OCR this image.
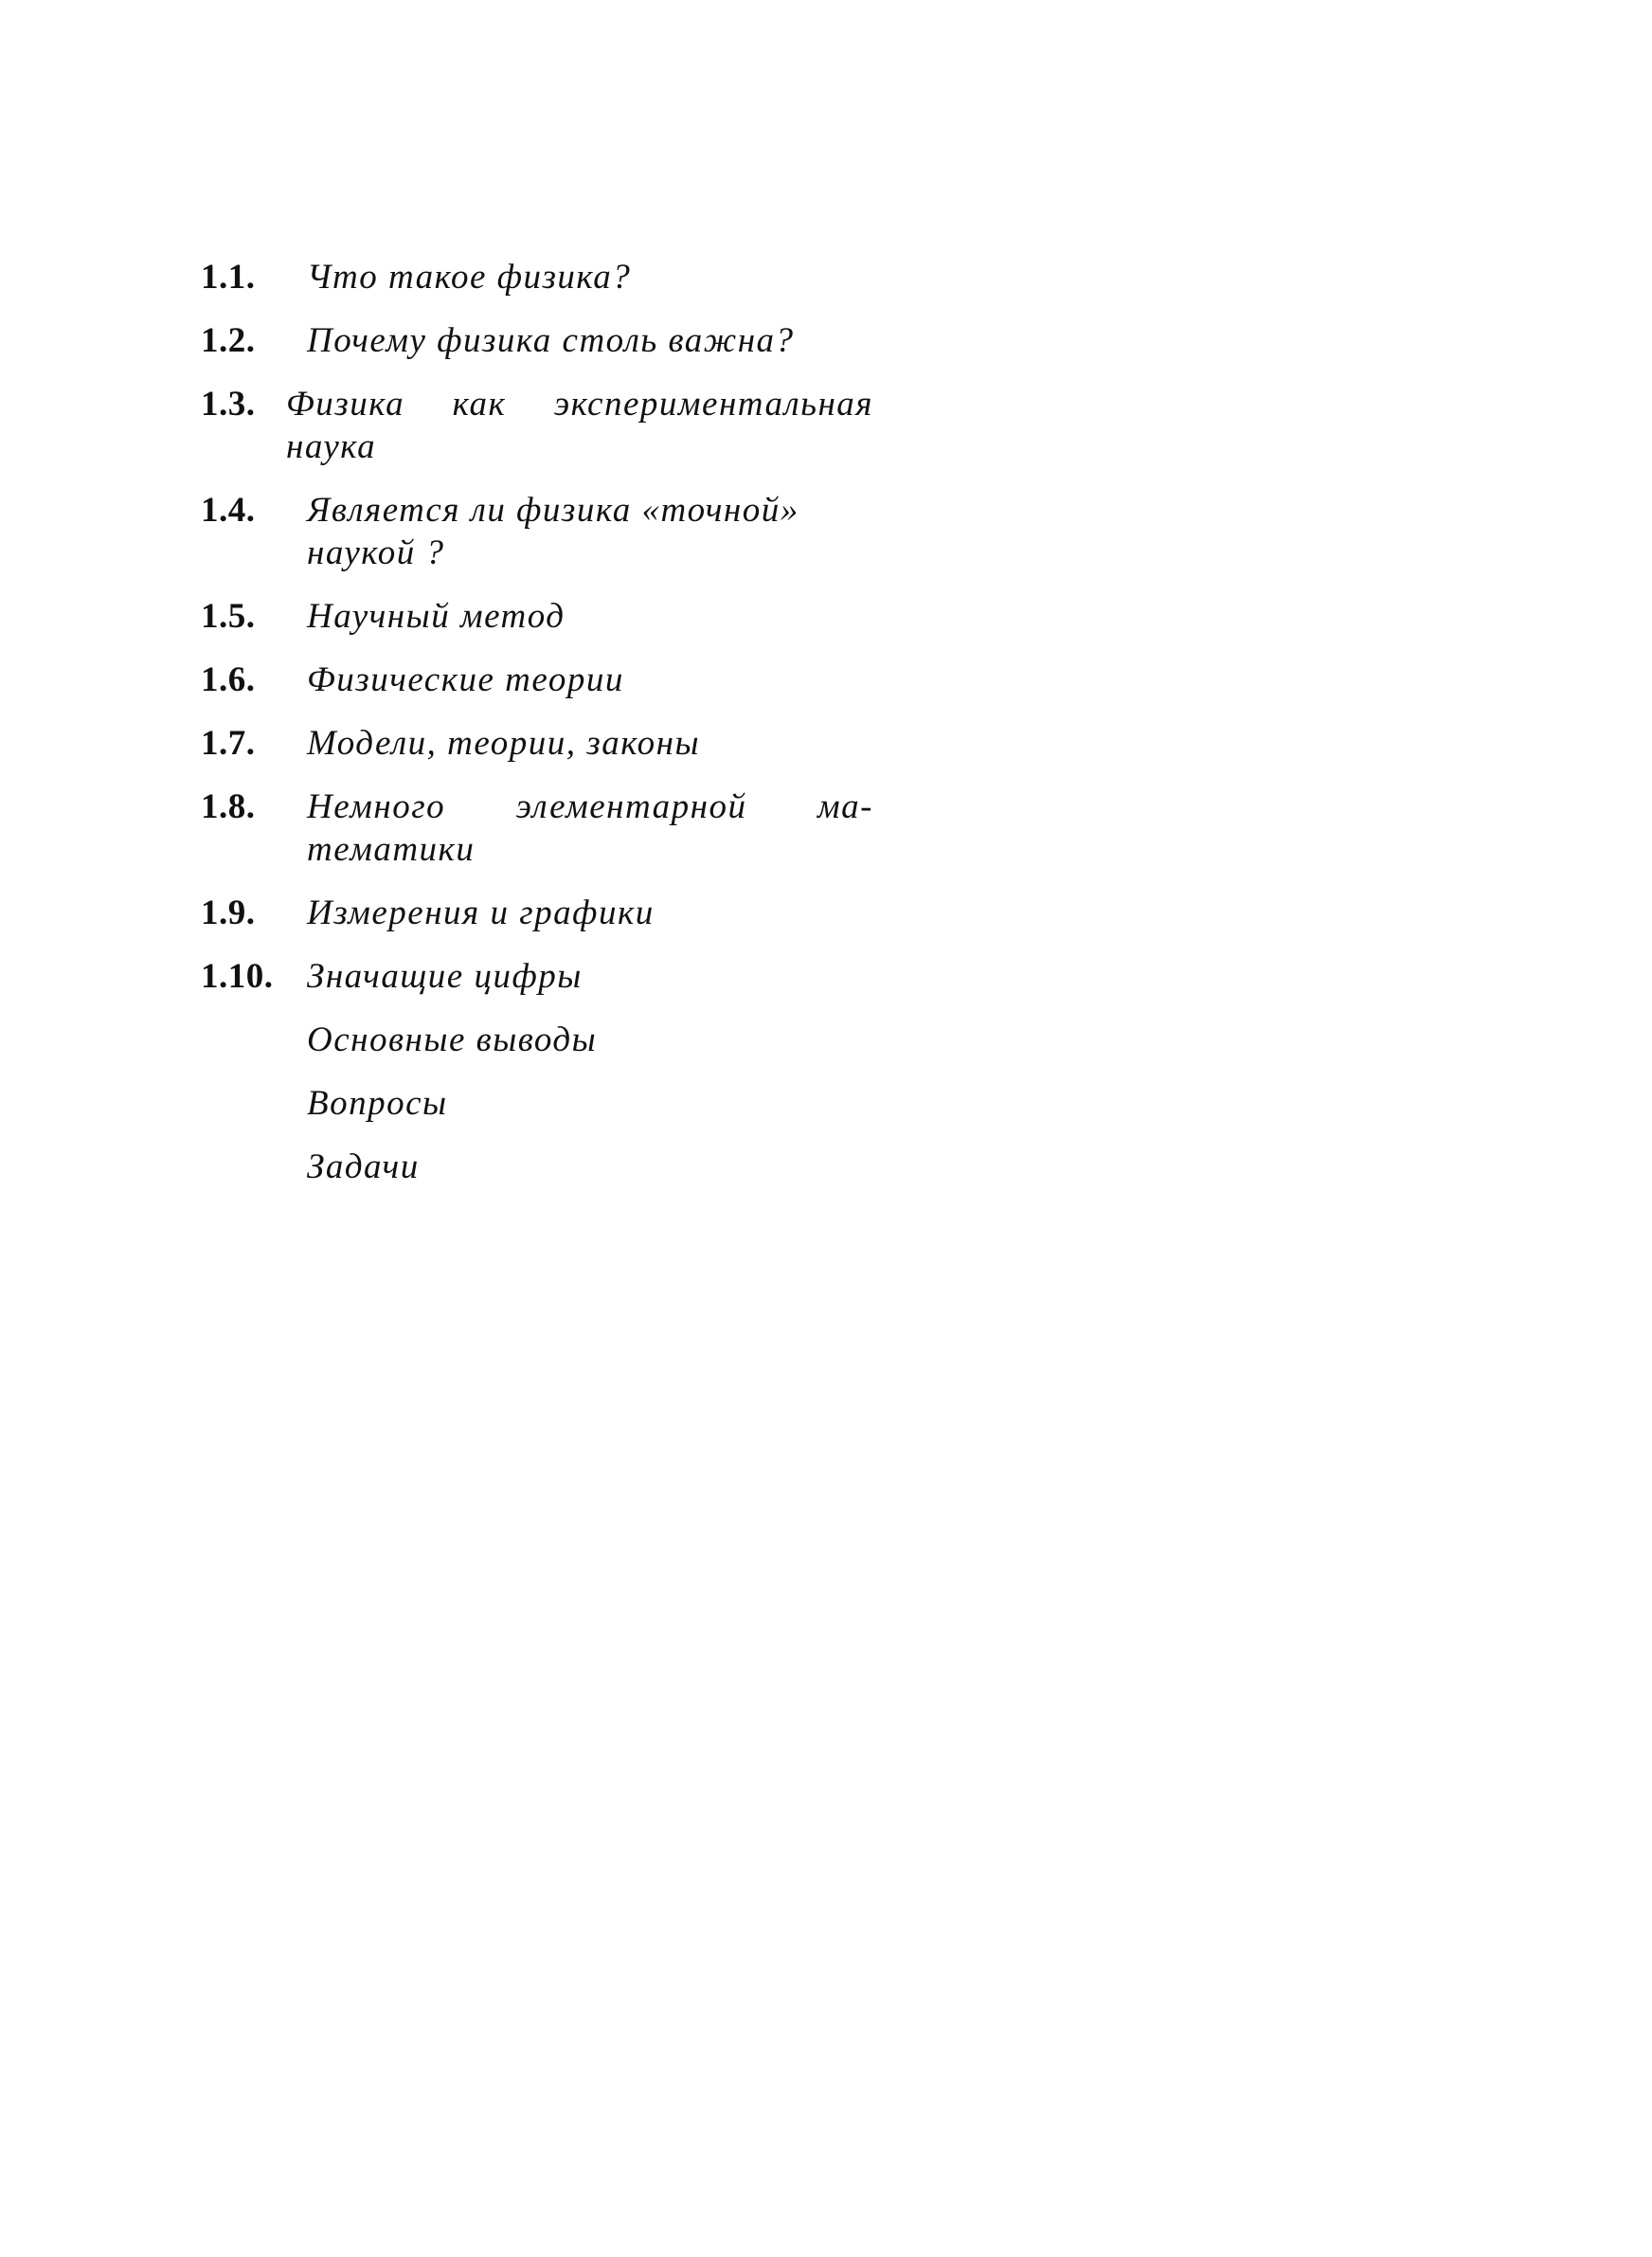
1.1. Что такое физика?
1.2. Почему физика столь важна?
1.3. Физика как экспериментальная
наука
1.4. Является ли физика «точной»
наукой ?
1.5. Научный метод
1.6. Физические теории
1.7. Модели, теории, законы
1.8. Немного элементарной ма-
тематики
1.9. Измерения и графики
1.10. Значащие цифры
Основные выводы
Вопросы
Задачи
